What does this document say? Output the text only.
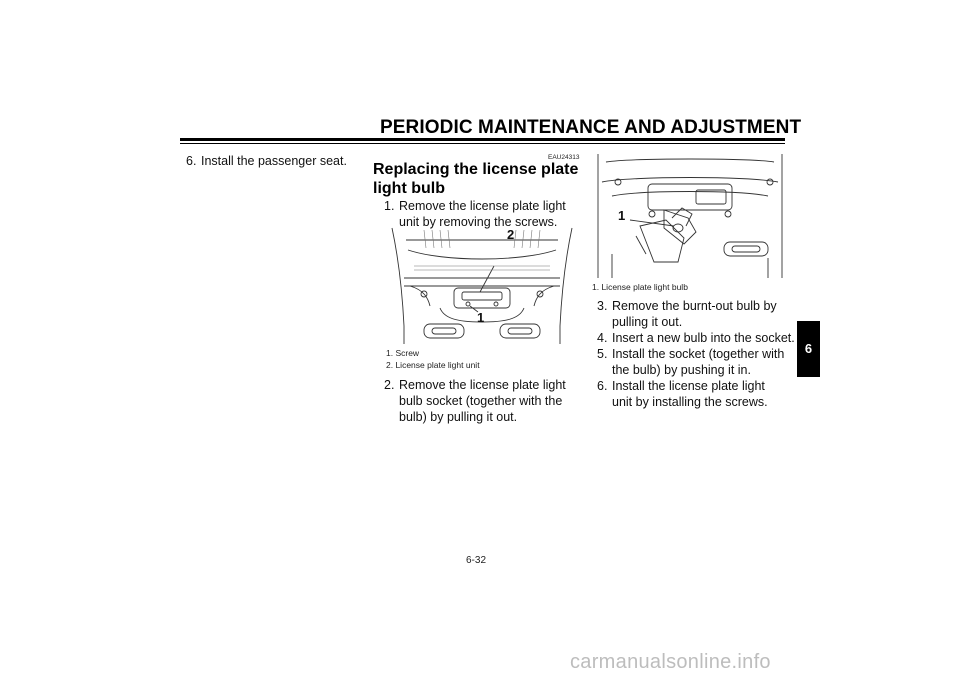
PERIODIC MAINTENANCE AND ADJUSTMENT
6
6. Install the passenger seat.	EAU24313
Replacing the license plate light bulb
1. Remove the license plate light unit by removing the screws.
2
1
1. Screw
2. License plate light unit
2. Remove the license plate light bulb socket (together with the bulb) by pulling it out.
1
1. License plate light bulb
3. Remove the burnt-out bulb by pulling it out.
4. Insert a new bulb into the socket.
5. Install the socket (together with the bulb) by pushing it in.
6. Install the license plate light unit by installing the screws.
6-32
carmanualsonline.info
